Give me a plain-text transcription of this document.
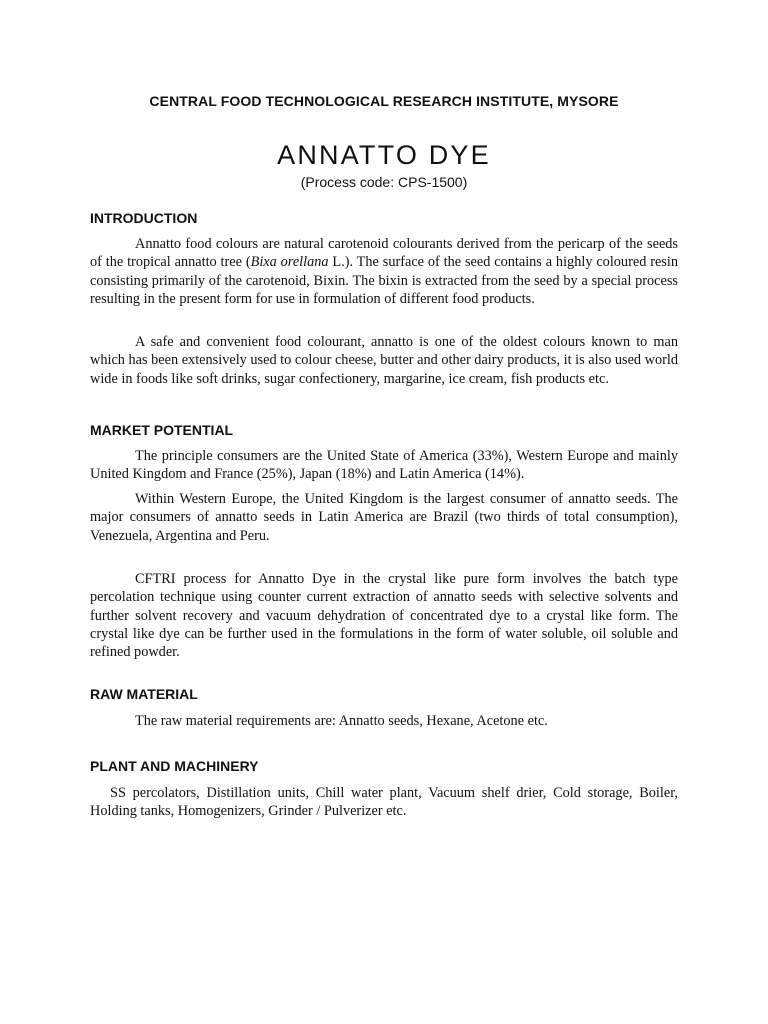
CENTRAL FOOD TECHNOLOGICAL RESEARCH INSTITUTE, MYSORE
ANNATTO DYE
(Process code: CPS-1500)
INTRODUCTION
Annatto food colours are natural carotenoid colourants derived from the pericarp of the seeds of the tropical annatto tree (Bixa orellana L.). The surface of the seed contains a highly coloured resin consisting primarily of the carotenoid, Bixin. The bixin is extracted from the seed by a special process resulting in the present form for use in formulation of different food products.
A safe and convenient food colourant, annatto is one of the oldest colours known to man which has been extensively used to colour cheese, butter and other dairy products, it is also used world wide in foods like soft drinks, sugar confectionery, margarine, ice cream, fish products etc.
MARKET POTENTIAL
The principle consumers are the United State of America (33%), Western Europe and mainly United Kingdom and France (25%), Japan (18%) and Latin America (14%).
Within Western Europe, the United Kingdom is the largest consumer of annatto seeds. The major consumers of annatto seeds in Latin America are Brazil (two thirds of total consumption), Venezuela, Argentina and Peru.
CFTRI process for Annatto Dye in the crystal like pure form involves the batch type percolation technique using counter current extraction of annatto seeds with selective solvents and further solvent recovery and vacuum dehydration of concentrated dye to a crystal like form. The crystal like dye can be further used in the formulations in the form of water soluble, oil soluble and refined powder.
RAW MATERIAL
The raw material requirements are: Annatto seeds, Hexane, Acetone etc.
PLANT AND MACHINERY
SS percolators, Distillation units, Chill water plant, Vacuum shelf drier, Cold storage, Boiler, Holding tanks, Homogenizers, Grinder / Pulverizer etc.
